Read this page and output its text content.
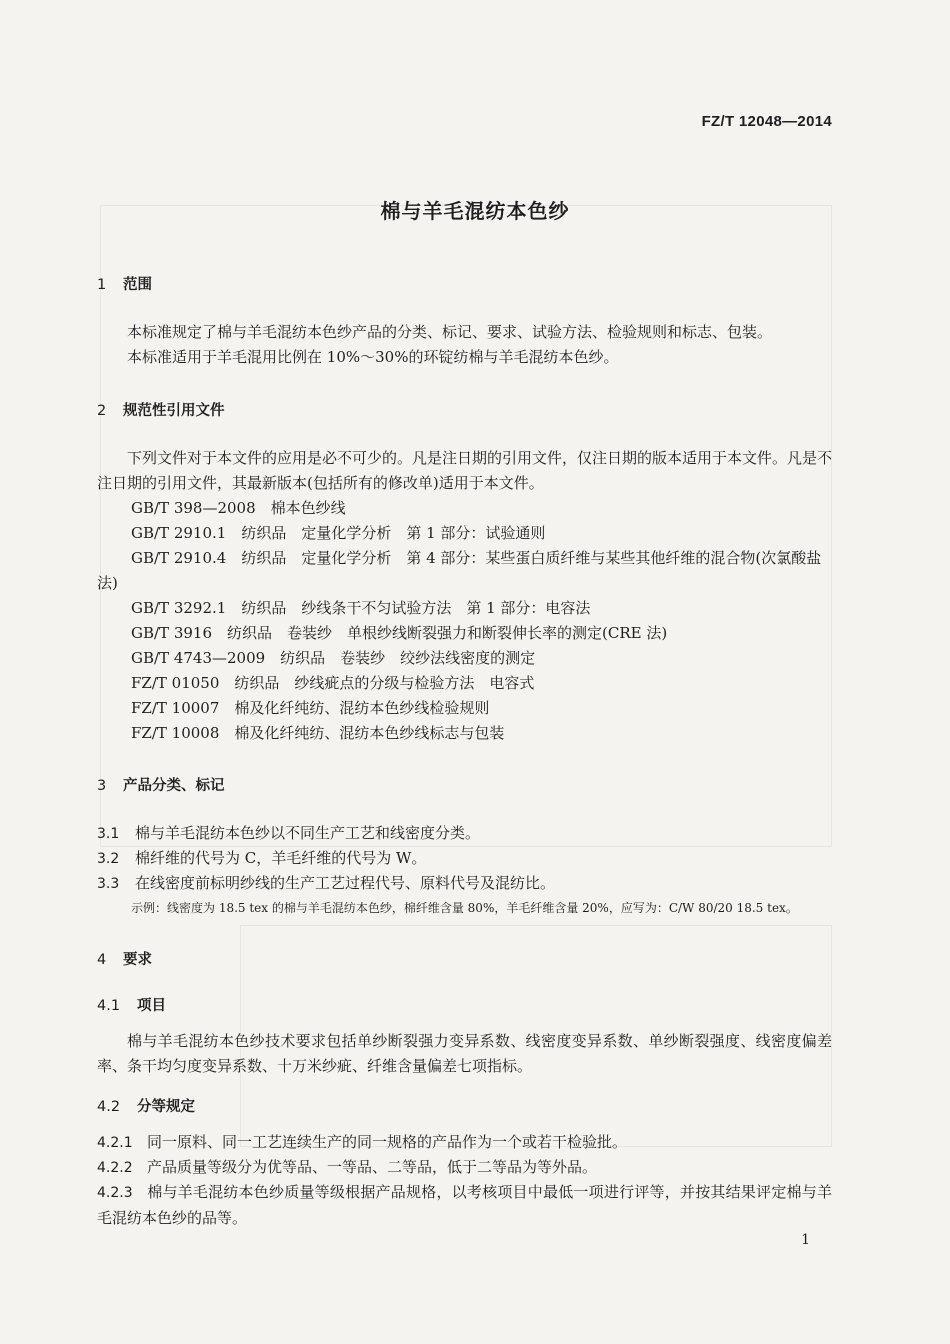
FZ/T 12048—2014
棉与羊毛混纺本色纱
1 范围
本标准规定了棉与羊毛混纺本色纱产品的分类、标记、要求、试验方法、检验规则和标志、包装。
本标准适用于羊毛混用比例在 10%～30%的环锭纺棉与羊毛混纺本色纱。
2 规范性引用文件
下列文件对于本文件的应用是必不可少的。凡是注日期的引用文件，仅注日期的版本适用于本文件。凡是不注日期的引用文件，其最新版本(包括所有的修改单)适用于本文件。
GB/T 398—2008　棉本色纱线
GB/T 2910.1　纺织品　定量化学分析　第 1 部分：试验通则
GB/T 2910.4　纺织品　定量化学分析　第 4 部分：某些蛋白质纤维与某些其他纤维的混合物(次氯酸盐法)
GB/T 3292.1　纺织品　纱线条干不匀试验方法　第 1 部分：电容法
GB/T 3916　纺织品　卷装纱　单根纱线断裂强力和断裂伸长率的测定(CRE 法)
GB/T 4743—2009　纺织品　卷装纱　绞纱法线密度的测定
FZ/T 01050　纺织品　纱线疵点的分级与检验方法　电容式
FZ/T 10007　棉及化纤纯纺、混纺本色纱线检验规则
FZ/T 10008　棉及化纤纯纺、混纺本色纱线标志与包装
3 产品分类、标记
3.1 棉与羊毛混纺本色纱以不同生产工艺和线密度分类。
3.2 棉纤维的代号为 C，羊毛纤维的代号为 W。
3.3 在线密度前标明纱线的生产工艺过程代号、原料代号及混纺比。
示例：线密度为 18.5 tex 的棉与羊毛混纺本色纱，棉纤维含量 80%，羊毛纤维含量 20%，应写为：C/W 80/20 18.5 tex。
4 要求
4.1 项目
棉与羊毛混纺本色纱技术要求包括单纱断裂强力变异系数、线密度变异系数、单纱断裂强度、线密度偏差率、条干均匀度变异系数、十万米纱疵、纤维含量偏差七项指标。
4.2 分等规定
4.2.1 同一原料、同一工艺连续生产的同一规格的产品作为一个或若干检验批。
4.2.2 产品质量等级分为优等品、一等品、二等品，低于二等品为等外品。
4.2.3 棉与羊毛混纺本色纱质量等级根据产品规格，以考核项目中最低一项进行评等，并按其结果评定棉与羊毛混纺本色纱的品等。
1
